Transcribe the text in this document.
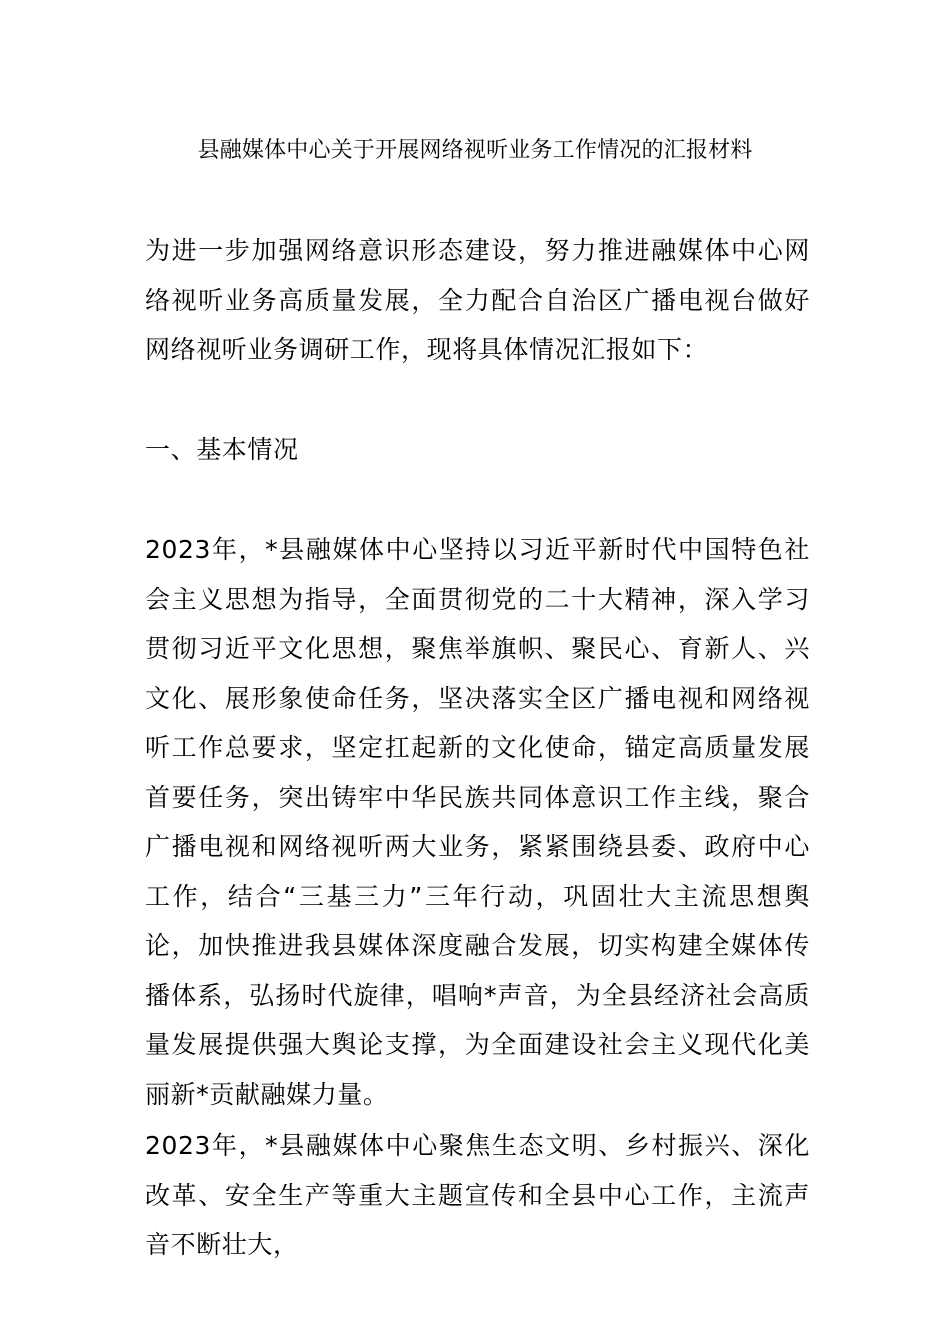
县融媒体中心关于开展网络视听业务工作情况的汇报材料

为进一步加强网络意识形态建设，努力推进融媒体中心网络视听业务高质量发展，全力配合自治区广播电视台做好网络视听业务调研工作，现将具体情况汇报如下：

一、基本情况

2023年，*县融媒体中心坚持以习近平新时代中国特色社会主义思想为指导，全面贯彻党的二十大精神，深入学习贯彻习近平文化思想，聚焦举旗帜、聚民心、育新人、兴文化、展形象使命任务，坚决落实全区广播电视和网络视听工作总要求，坚定扛起新的文化使命，锚定高质量发展首要任务，突出铸牢中华民族共同体意识工作主线，聚合广播电视和网络视听两大业务，紧紧围绕县委、政府中心工作，结合“三基三力”三年行动，巩固壮大主流思想舆论，加快推进我县媒体深度融合发展，切实构建全媒体传播体系，弘扬时代旋律，唱响*声音，为全县经济社会高质量发展提供强大舆论支撑，为全面建设社会主义现代化美丽新*贡献融媒力量。

2023年，*县融媒体中心聚焦生态文明、乡村振兴、深化改革、安全生产等重大主题宣传和全县中心工作，主流声音不断壮大，
